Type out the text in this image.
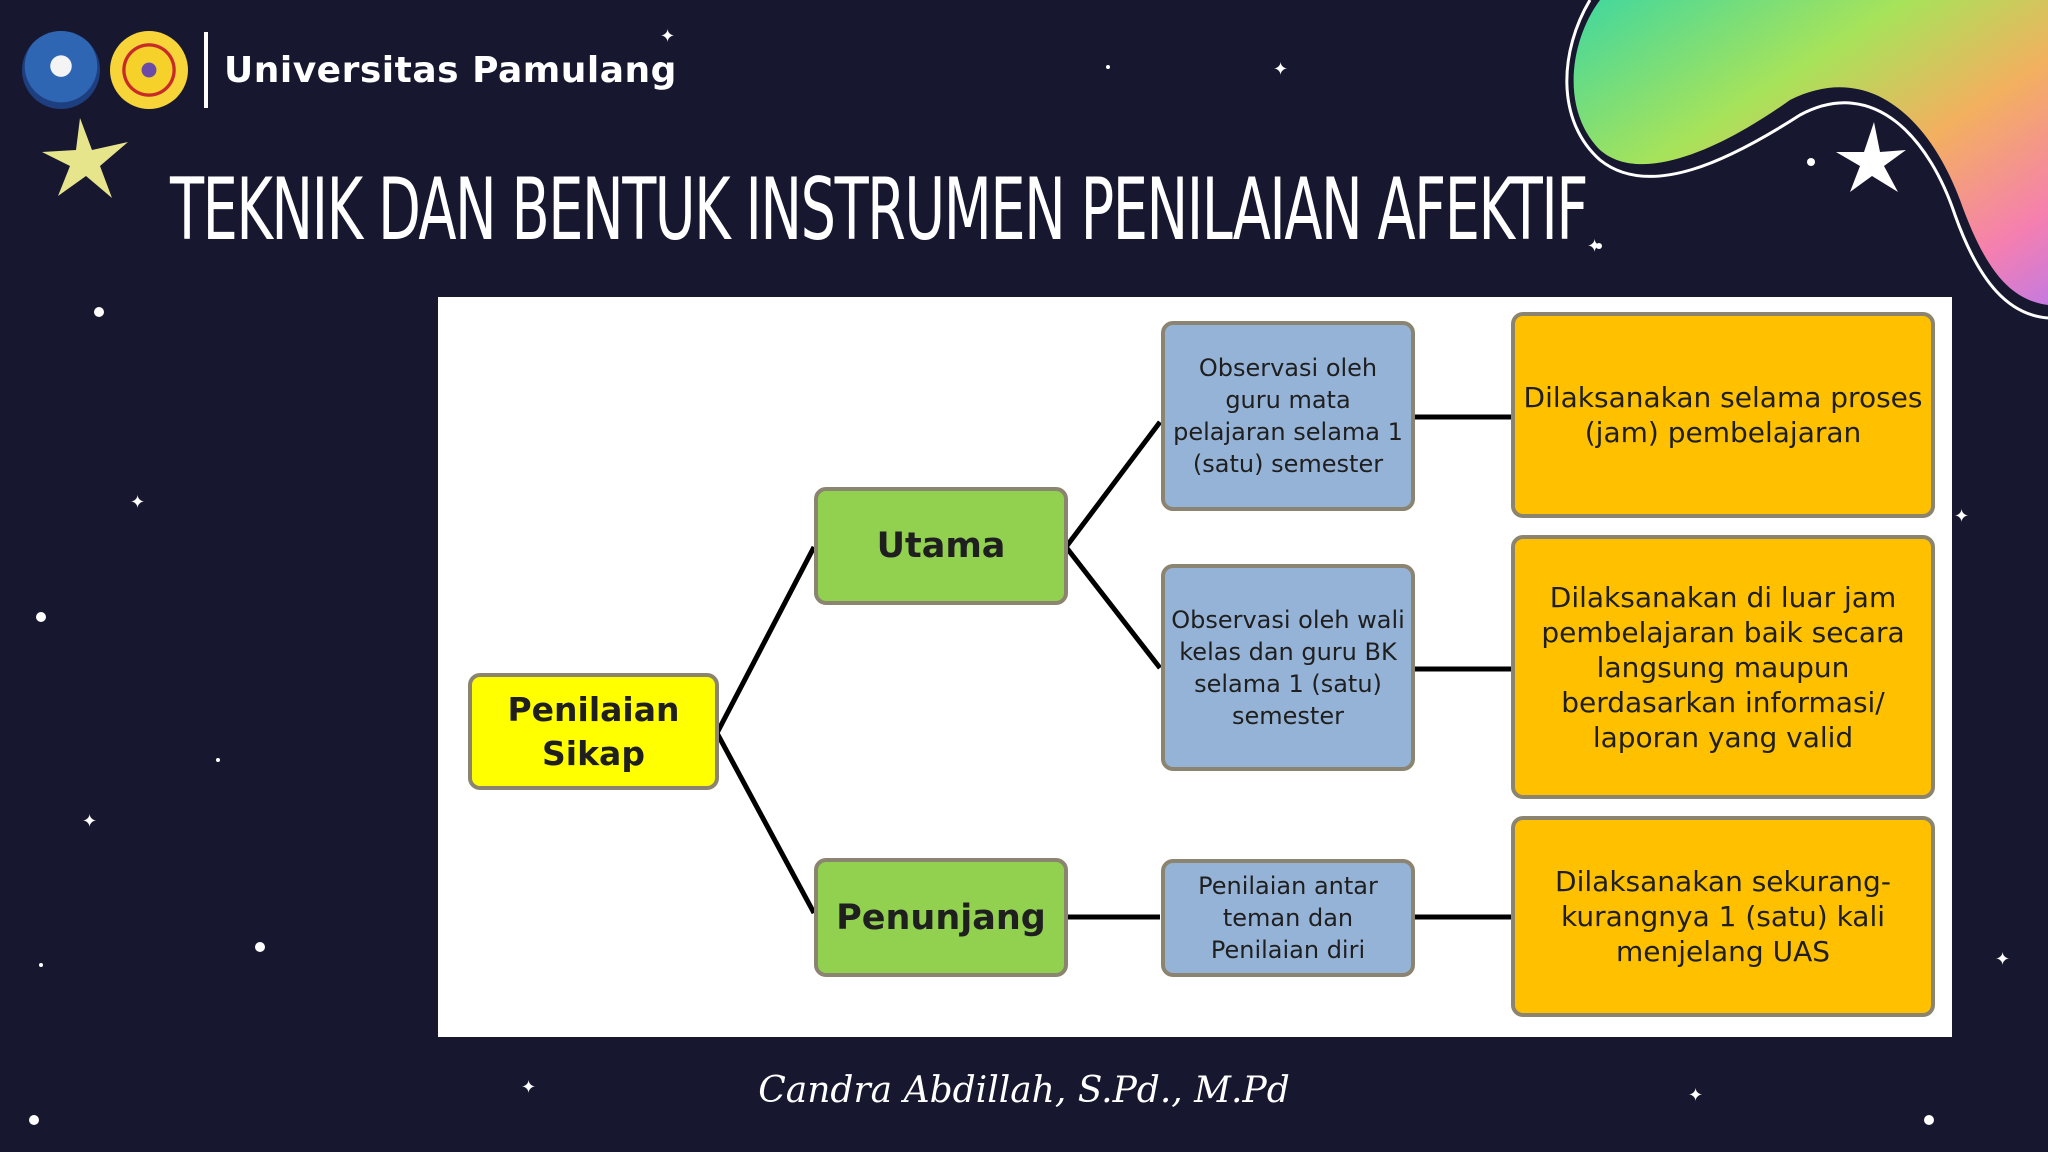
✦
✦
✦
✦
✦	✦
✦
✦
✦
Universitas Pamulang
TEKNIK DAN BENTUK INSTRUMEN PENILAIAN AFEKTIF
Penilaian Sikap
Utama
Penunjang
Observasi oleh guru mata pelajaran selama 1 (satu) semester
Observasi oleh wali kelas dan guru BK selama 1 (satu) semester
Penilaian antar teman dan Penilaian diri
Dilaksanakan selama proses (jam) pembelajaran
Dilaksanakan di luar jam pembelajaran baik secara langsung maupun berdasarkan informasi/ laporan yang valid
Dilaksanakan sekurang-kurangnya 1 (satu) kali menjelang UAS
Candra Abdillah, S.Pd., M.Pd
